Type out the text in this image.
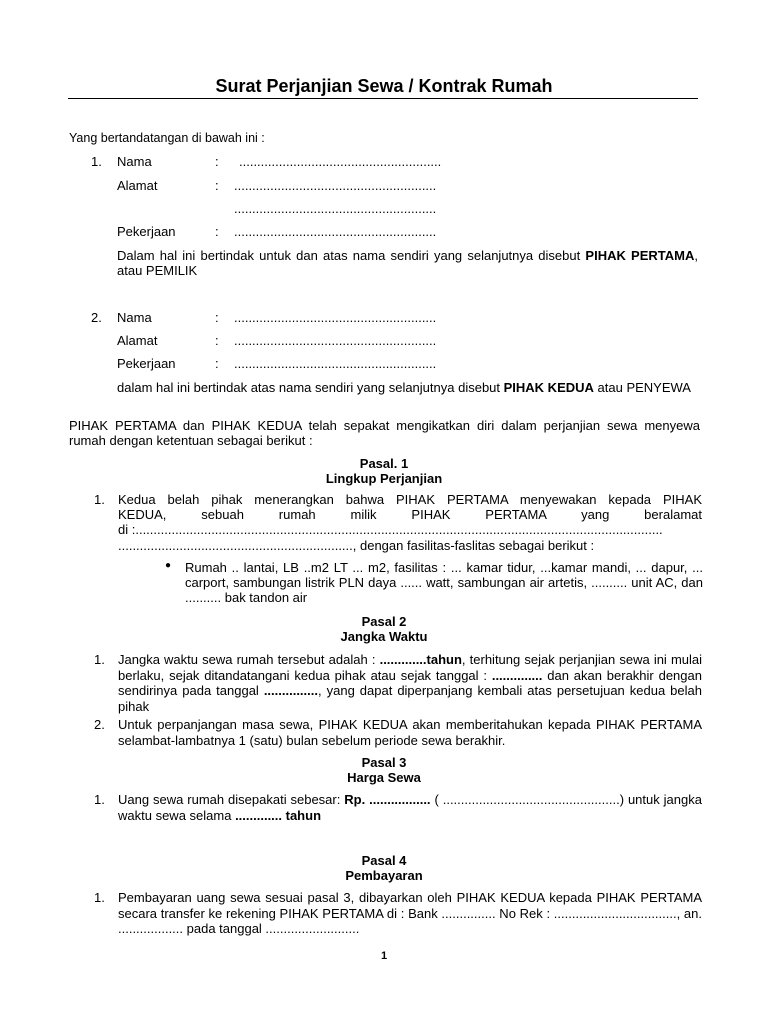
Surat Perjanjian Sewa / Kontrak Rumah
Yang bertandatangan di bawah ini :
1. Nama	: ........................................................
Alamat	: ........................................................
........................................................
Pekerjaan	: ........................................................
Dalam hal ini bertindak untuk dan atas nama sendiri yang selanjutnya disebut PIHAK PERTAMA, atau PEMILIK
2. Nama	: ........................................................
Alamat	: ........................................................
Pekerjaan	: ........................................................
dalam hal ini bertindak atas nama sendiri yang selanjutnya disebut PIHAK KEDUA atau PENYEWA
PIHAK PERTAMA dan PIHAK KEDUA telah sepakat mengikatkan diri dalam perjanjian sewa menyewa rumah dengan ketentuan sebagai berikut :
Pasal. 1
Lingkup Perjanjian
1. Kedua belah pihak menerangkan bahwa PIHAK PERTAMA menyewakan kepada PIHAK
KEDUA,   sebuah   rumah   milik   PIHAK   PERTAMA   yang   beralamat
di :..................................................................................................................................................
................................................................., dengan fasilitas-faslitas sebagai berikut :
● Rumah .. lantai, LB ..m2 LT ... m2, fasilitas : ... kamar tidur, ...kamar mandi, ... dapur, ... carport, sambungan listrik PLN daya ...... watt, sambungan air artetis, .......... unit AC, dan .......... bak tandon air
Pasal 2
Jangka Waktu
1. Jangka waktu sewa rumah tersebut adalah : .............tahun, terhitung sejak perjanjian sewa ini mulai berlaku, sejak ditandatangani kedua pihak atau sejak tanggal : .............. dan akan berakhir dengan sendirinya pada tanggal ..............., yang dapat diperpanjang kembali atas persetujuan kedua belah pihak
2. Untuk perpanjangan masa sewa, PIHAK KEDUA akan memberitahukan kepada PIHAK PERTAMA selambat-lambatnya 1 (satu) bulan sebelum periode sewa berakhir.
Pasal 3
Harga Sewa
1. Uang sewa rumah disepakati sebesar: Rp. ................. ( .................................................) untuk jangka waktu sewa selama ............. tahun
Pasal 4
Pembayaran
1. Pembayaran uang sewa sesuai pasal 3, dibayarkan oleh PIHAK KEDUA kepada PIHAK PERTAMA secara transfer ke rekening PIHAK PERTAMA di : Bank ............... No Rek : .................................., an. .................. pada tanggal ..........................
1
